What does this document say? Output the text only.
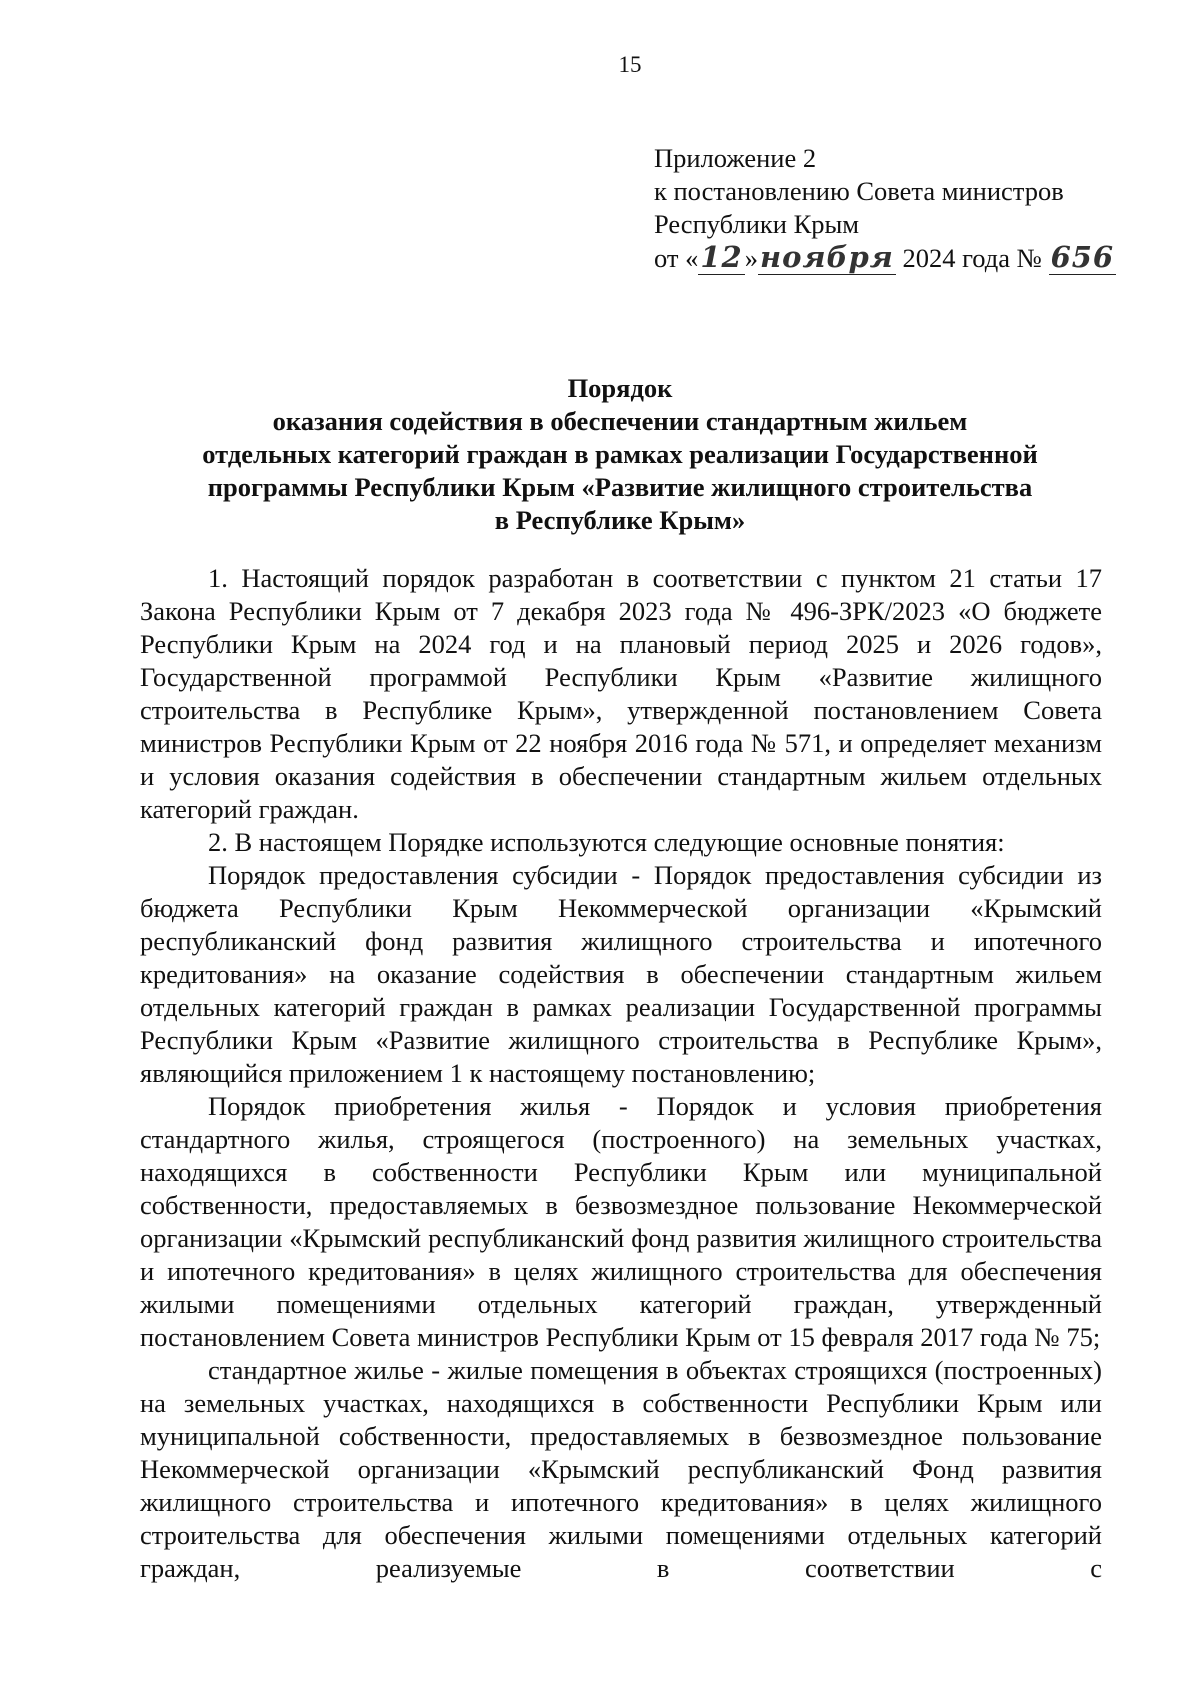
15
Приложение 2
к постановлению Совета министров
Республики Крым
от «12»ноября 2024 года № 656
Порядок
оказания содействия в обеспечении стандартным жильем
отдельных категорий граждан в рамках реализации Государственной
программы Республики Крым «Развитие жилищного строительства
в Республике Крым»

1. Настоящий порядок разработан в соответствии с пунктом 21 статьи 17 Закона Республики Крым от 7 декабря 2023 года № 496-ЗРК/2023 «О бюджете Республики Крым на 2024 год и на плановый период 2025 и 2026 годов», Государственной программой Республики Крым «Развитие жилищного строительства в Республике Крым», утвержденной постановлением Совета министров Республики Крым от 22 ноября 2016 года № 571, и определяет механизм и условия оказания содействия в обеспечении стандартным жильем отдельных категорий граждан.

2. В настоящем Порядке используются следующие основные понятия:

Порядок предоставления субсидии - Порядок предоставления субсидии из бюджета Республики Крым Некоммерческой организации «Крымский республиканский фонд развития жилищного строительства и ипотечного кредитования» на оказание содействия в обеспечении стандартным жильем отдельных категорий граждан в рамках реализации Государственной программы Республики Крым «Развитие жилищного строительства в Республике Крым», являющийся приложением 1 к настоящему постановлению;

Порядок приобретения жилья - Порядок и условия приобретения стандартного жилья, строящегося (построенного) на земельных участках, находящихся в собственности Республики Крым или муниципальной собственности, предоставляемых в безвозмездное пользование Некоммерческой организации «Крымский республиканский фонд развития жилищного строительства и ипотечного кредитования» в целях жилищного строительства для обеспечения жилыми помещениями отдельных категорий граждан, утвержденный постановлением Совета министров Республики Крым от 15 февраля 2017 года № 75;

стандартное жилье - жилые помещения в объектах строящихся (построенных) на земельных участках, находящихся в собственности Республики Крым или муниципальной собственности, предоставляемых в безвозмездное пользование Некоммерческой организации «Крымский республиканский Фонд развития жилищного строительства и ипотечного кредитования» в целях жилищного строительства для обеспечения жилыми помещениями отдельных категорий граждан, реализуемые в соответствии с
